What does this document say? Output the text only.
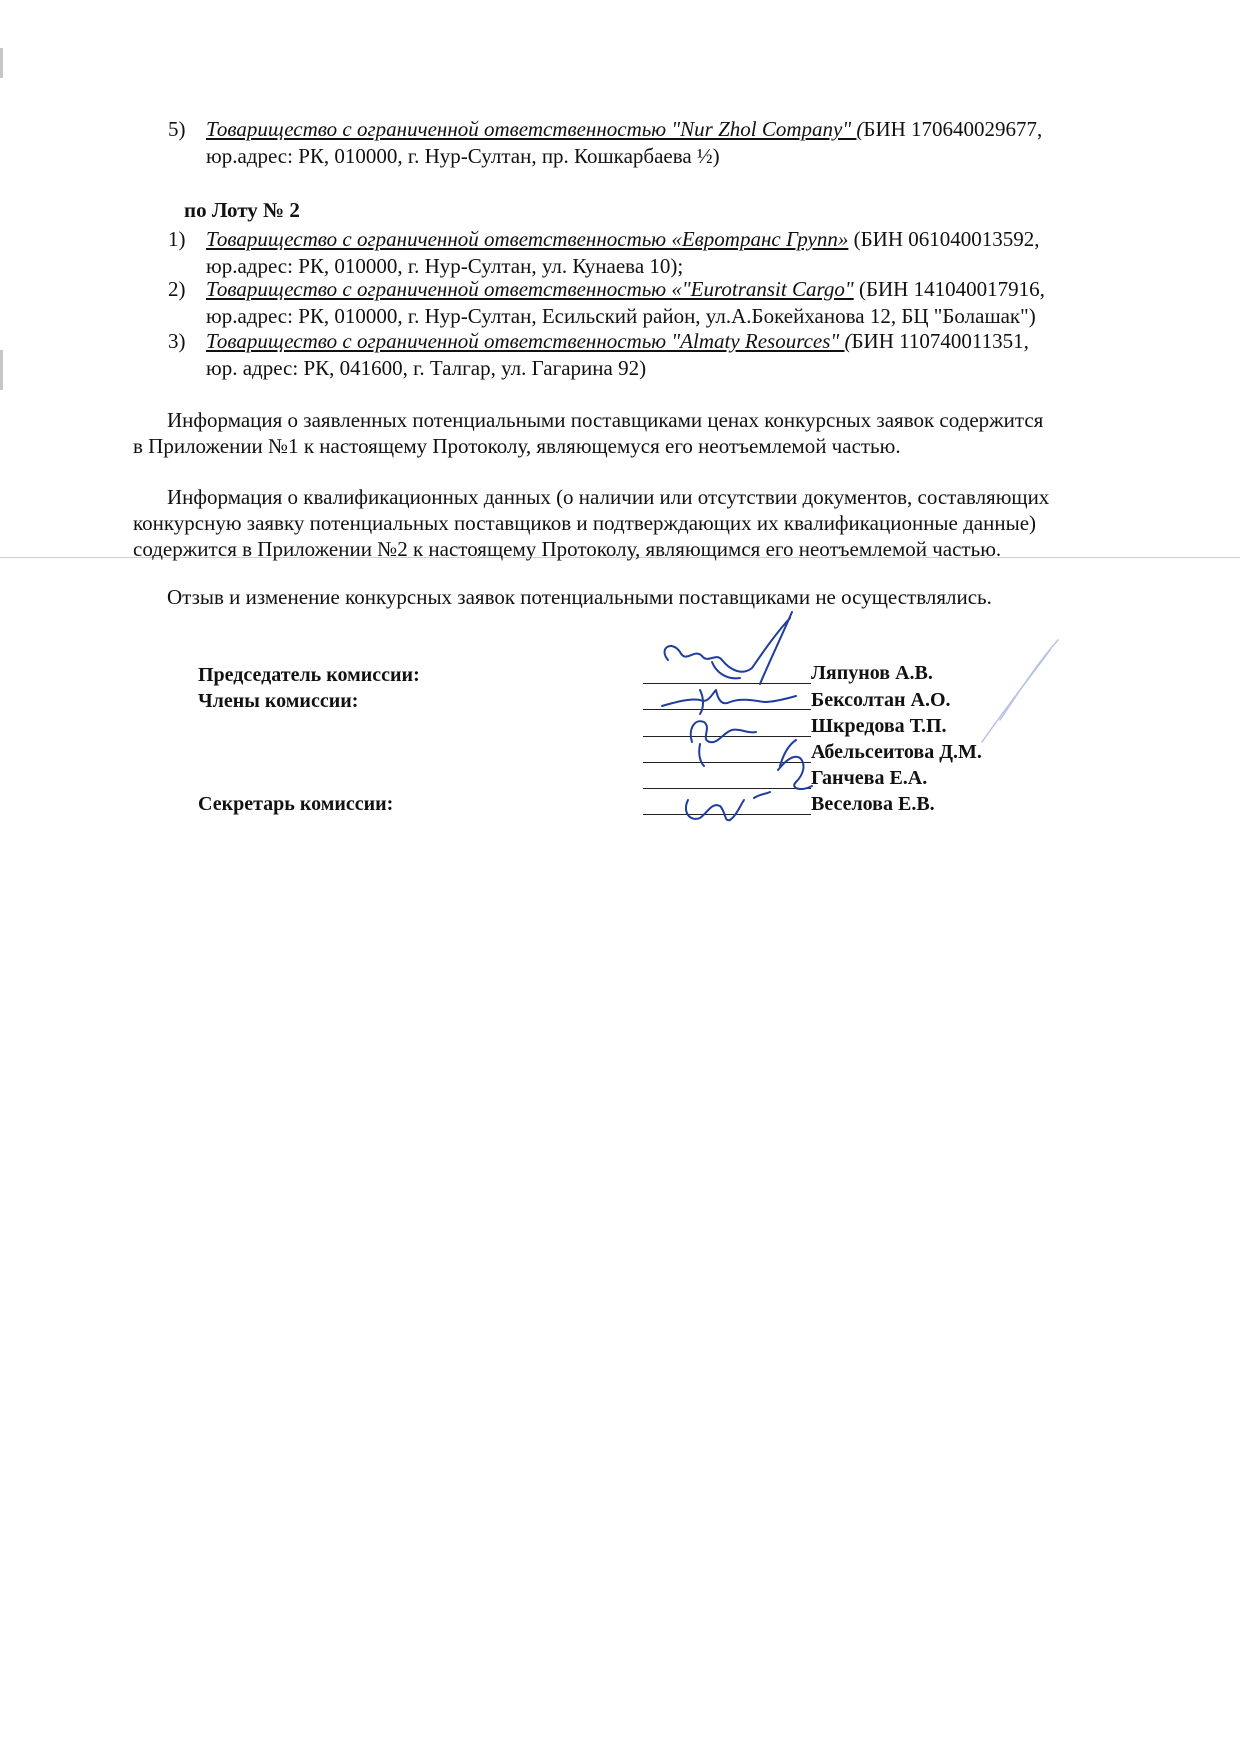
5) Товарищество с ограниченной ответственностью "Nur Zhol Company" (БИН 170640029677,
юр.адрес: РК, 010000, г. Нур-Султан, пр. Кошкарбаева ½)
по Лоту № 2
1) Товарищество с ограниченной ответственностью «Евротранс Групп» (БИН 061040013592,
юр.адрес: РК, 010000, г. Нур-Султан, ул. Кунаева 10);
2) Товарищество с ограниченной ответственностью «"Eurotransit Cargo" (БИН 141040017916,
юр.адрес: РК, 010000, г. Нур-Султан, Есильский район, ул.А.Бокейханова 12, БЦ "Болашак")
3) Товарищество с ограниченной ответственностью "Almaty Resources" (БИН 110740011351,
юр. адрес: РК, 041600, г. Талгар, ул. Гагарина 92)
Информация о заявленных потенциальными поставщиками ценах конкурсных заявок содержится
в Приложении №1 к настоящему Протоколу, являющемуся его неотъемлемой частью.
Информация о квалификационных данных (о наличии или отсутствии документов, составляющих
конкурсную заявку потенциальных поставщиков и подтверждающих их квалификационные данные)
содержится в Приложении №2 к настоящему Протоколу, являющимся его неотъемлемой частью.
Отзыв и изменение конкурсных заявок потенциальными поставщиками не осуществлялись.
Председатель комиссии:
Члены комиссии:
Секретарь комиссии:
Ляпунов А.В.
Бексолтан А.О.
Шкредова Т.П.
Абельсеитова Д.М.
Ганчева Е.А.
Веселова Е.В.
